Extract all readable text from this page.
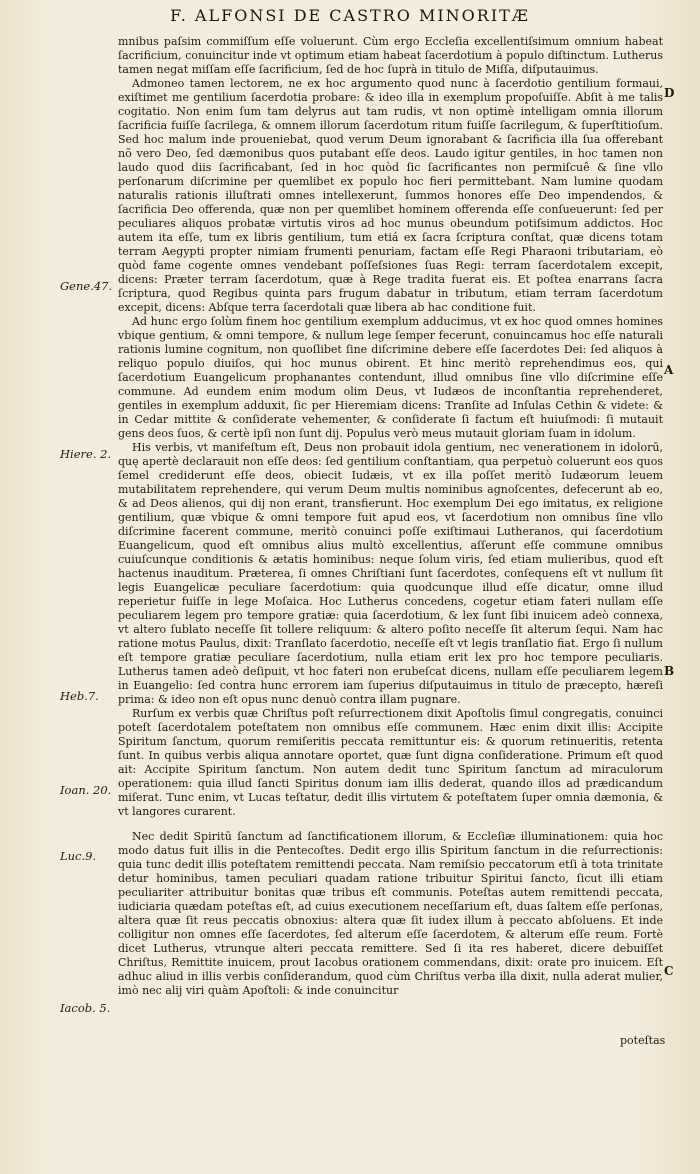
F. ALFONSI DE CASTRO MINORITÆ

mnibus paſsim commiſſum eſſe voluerunt. Cùm ergo Eccleſia excellentiſsimum omnium habeat ſacrificium, conuincitur inde vt optimum etiam habeat ſacerdotium à populo diſtinctum. Lutherus tamen negat miſſam eſſe ſacrificium, ſed de hoc ſuprà in titulo de Miſſa, diſputauimus.

Admoneo tamen lectorem, ne ex hoc argumento quod nunc à ſacerdotio gentilium formaui, exiſtimet me gentilium ſacerdotia probare: & ideo illa in exemplum propoſuiſſe. Abſit à me talis cogitatio. Non enim ſum tam delyrus aut tam rudis, vt non optimè intelligam omnia illorum ſacrificia fuiſſe ſacrilega, & omnem illorum ſacerdotum ritum fuiſſe ſacrilegum, & ſuperſtitioſum. Sed hoc malum inde proueniebat, quod verum Deum ignorabant & ſacrificia illa ſua offerebant nõ vero Deo, ſed dæmonibus quos putabant eſſe deos. Laudo igitur gentiles, in hoc tamen non laudo quod diis ſacrificabant, ſed in hoc quòd ſic ſacrificantes non permiſcuê & ſine vllo perſonarum diſcrimine per quemlibet ex populo hoc fieri permittebant. Nam lumine quodam naturalis rationis illuſtrati omnes intellexerunt, ſummos honores eſſe Deo impendendos, & ſacrificia Deo offerenda, quæ non per quemlibet hominem offerenda eſſe conſueuerunt: ſed per peculiares aliquos probatæ virtutis viros ad hoc munus obeundum potiſsimum addictos. Hoc autem ita eſſe, tum ex libris gentilium, tum etiá ex ſacra ſcriptura conſtat, quæ dicens totam terram Aegypti propter nimiam frumenti penuriam, factam eſſe Regi Pharaoni tributariam, eò quòd fame cogente omnes vendebant poſſeſsiones ſuas Regi: terram ſacerdotalem excepit, dicens: Præter terram ſacerdotum, quæ à Rege tradita fuerat eis. Et poſtea enarrans ſacra ſcriptura, quod Regibus quinta pars frugum dabatur in tributum, etiam terram ſacerdotum excepit, dicens: Abſque terra ſacerdotali quæ libera ab hac conditione fuit.

Ad hunc ergo ſolùm finem hoc gentilium exemplum adducimus, vt ex hoc quod omnes homines vbique gentium, & omni tempore, & nullum lege ſemper fecerunt, conuincamus hoc eſſe naturali rationis lumine cognitum, non quoſlibet ſine diſcrimine debere eſſe ſacerdotes Dei: ſed aliquos à reliquo populo diuiſos, qui hoc munus obirent. Et hinc meritò reprehendimus eos, qui ſacerdotium Euangelicum prophanantes contendunt, illud omnibus ſine vllo diſcrimine eſſe commune. Ad eundem enim modum olim Deus, vt Iudæos de inconſtantia reprehenderet, gentiles in exemplum adduxit, ſic per Hieremiam dicens: Tranſite ad Inſulas Cethin & videte: & in Cedar mittite & conſiderate vehementer, & conſiderate ſi factum eſt huiuſmodi: ſi mutauit gens deos ſuos, & certè ipſi non ſunt dij. Populus verò meus mutauit gloriam ſuam in idolum.

His verbis, vt manifeſtum eſt, Deus non probauit idola gentium, nec venerationem in idolorū, quę apertè declarauit non eſſe deos: ſed gentilium conſtantiam, qua perpetuò coluerunt eos quos ſemel crediderunt eſſe deos, obiecit Iudæis, vt ex illa poſſet meritò Iudæorum leuem mutabilitatem reprehendere, qui verum Deum multis nominibus agnoſcentes, defecerunt ab eo, & ad Deos alienos, qui dij non erant, transfierunt. Hoc exemplum Dei ego imitatus, ex religione gentilium, quæ vbique & omni tempore fuit apud eos, vt ſacerdotium non omnibus ſine vllo diſcrimine facerent commune, meritò conuinci poſſe exiſtimaui Lutheranos, qui ſacerdotium Euangelicum, quod eſt omnibus alius multò excellentius, aſſerunt eſſe commune omnibus cuiuſcunque conditionis & ætatis hominibus: neque ſolum viris, ſed etiam mulieribus, quod eſt hactenus inauditum. Præterea, ſi omnes Chriſtiani ſunt ſacerdotes, conſequens eſt vt nullum ſit legis Euangelicæ peculiare ſacerdotium: quia quodcunque illud eſſe dicatur, omne illud reperietur fuiſſe in lege Moſaica. Hoc Lutherus concedens, cogetur etiam fateri nullam eſſe peculiarem legem pro tempore gratiæ: quia ſacerdotium, & lex ſunt ſibi inuicem adeò connexa, vt altero ſublato neceſſe ſit tollere reliquum: & altero poſito neceſſe ſit alterum ſequi. Nam hac ratione motus Paulus, dixit: Tranſlato ſacerdotio, neceſſe eſt vt legis tranſlatio fiat. Ergo ſi nullum eſt tempore gratiæ peculiare ſacerdotium, nulla etiam erit lex pro hoc tempore peculiaris. Lutherus tamen adeò deſipuit, vt hoc fateri non erubeſcat dicens, nullam eſſe peculiarem legem in Euangelio: ſed contra hunc errorem iam ſuperius diſputauimus in titulo de præcepto, hæreſi prima: & ideo non eſt opus nunc denuò contra illam pugnare.

Rurſum ex verbis quæ Chriſtus poſt reſurrectionem dixit Apoſtolis ſimul congregatis, conuinci poteſt ſacerdotalem poteſtatem non omnibus eſſe communem. Hæc enim dixit illis: Accipite Spiritum ſanctum, quorum remiſeritis peccata remittuntur eis: & quorum retinueritis, retenta ſunt. In quibus verbis aliqua annotare oportet, quæ ſunt digna conſideratione. Primum eſt quod ait: Accipite Spiritum ſanctum. Non autem dedit tunc Spiritum ſanctum ad miraculorum operationem: quia illud ſancti Spiritus donum iam illis dederat, quando illos ad prædicandum miſerat. Tunc enim, vt Lucas teſtatur, dedit illis virtutem & poteſtatem ſuper omnia dæmonia, & vt langores curarent.

Nec dedit Spiritū ſanctum ad ſanctificationem illorum, & Eccleſiæ illuminationem: quia hoc modo datus fuit illis in die Pentecoſtes. Dedit ergo illis Spiritum ſanctum in die reſurrectionis: quia tunc dedit illis poteſtatem remittendi peccata. Nam remiſsio peccatorum etſi à tota trinitate detur hominibus, tamen peculiari quadam ratione tribuitur Spiritui ſancto, ſicut illi etiam peculiariter attribuitur bonitas quæ tribus eſt communis. Poteſtas autem remittendi peccata, iudiciaria quædam poteſtas eſt, ad cuius executionem neceſſarium eſt, duas ſaltem eſſe perſonas, altera quæ ſit reus peccatis obnoxius: altera quæ ſit iudex illum à peccato abſoluens. Et inde colligitur non omnes eſſe ſacerdotes, ſed alterum eſſe ſacerdotem, & alterum eſſe reum. Fortè dicet Lutherus, vtrunque alteri peccata remittere. Sed ſi ita res haberet, dicere debuiſſet Chriſtus, Remittite inuicem, prout Iacobus orationem commendans, dixit: orate pro inuicem. Eſt adhuc aliud in illis verbis conſiderandum, quod cùm Chriſtus verba illa dixit, nulla aderat mulier, imò nec alij viri quàm Apoſtoli: & inde conuincitur

Gene.47.
Hiere. 2.
Heb.7.
Ioan. 20.
Luc.9.
Iacob. 5.
D
A
B
C
poteſtas
